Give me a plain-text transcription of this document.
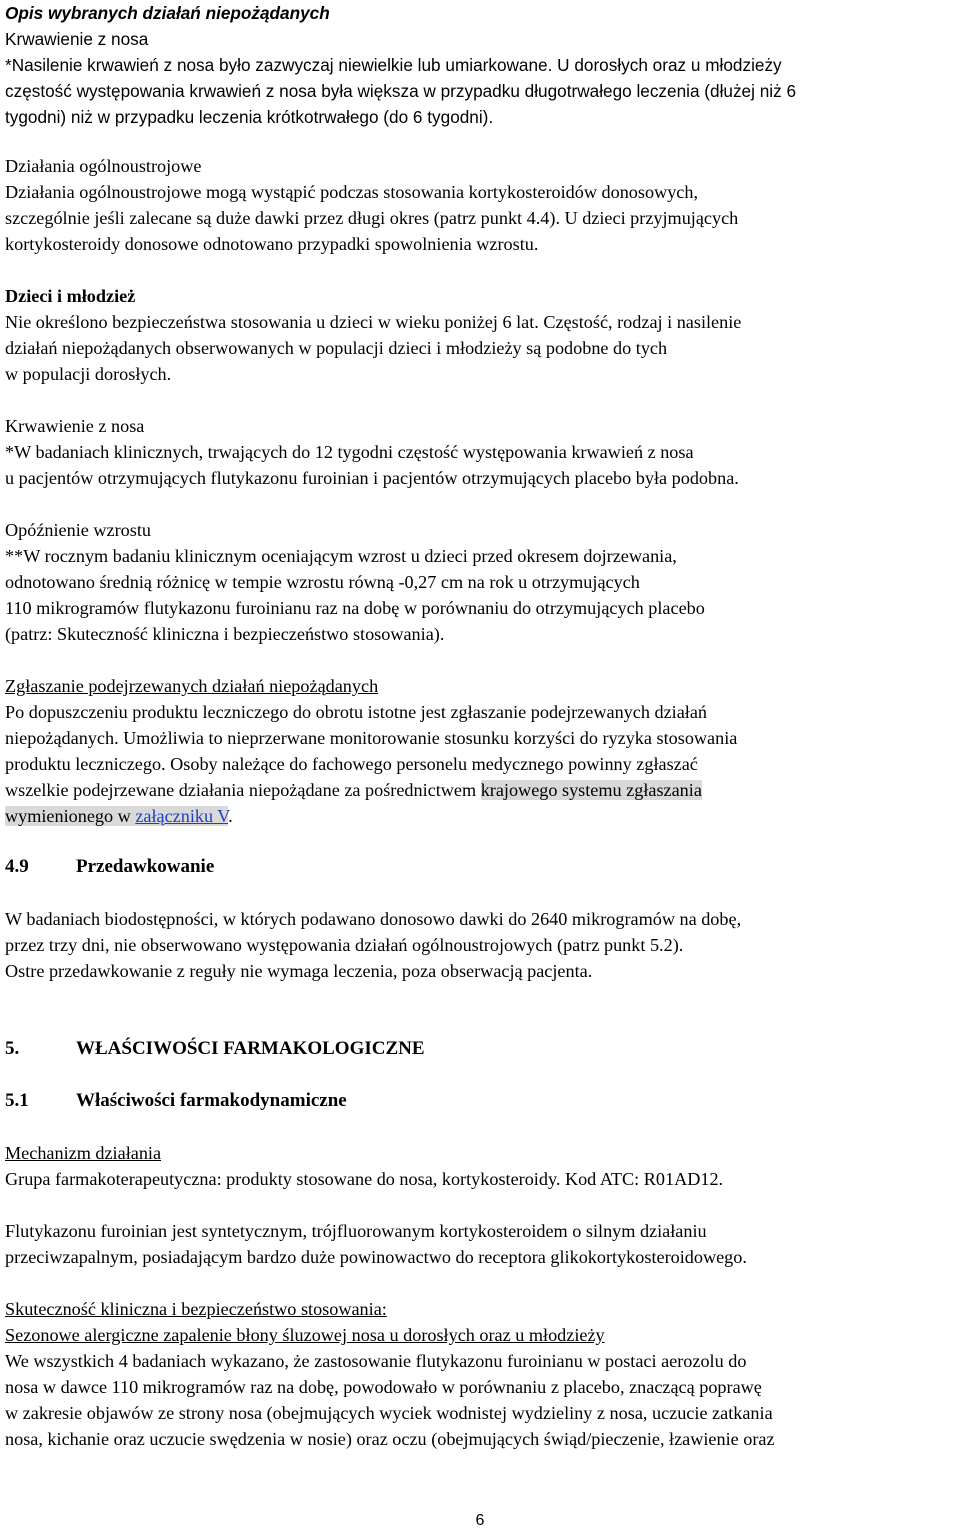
Opis wybranych działań niepożądanych
Krwawienie z nosa
*Nasilenie krwawień z nosa było zazwyczaj niewielkie lub umiarkowane. U dorosłych oraz u młodzieży
częstość występowania krwawień z nosa była większa w przypadku długotrwałego leczenia (dłużej niż 6
tygodni) niż w przypadku leczenia krótkotrwałego (do 6 tygodni).
Działania ogólnoustrojowe
Działania ogólnoustrojowe mogą wystąpić podczas stosowania kortykosteroidów donosowych,
szczególnie jeśli zalecane są duże dawki przez długi okres (patrz punkt 4.4). U dzieci przyjmujących
kortykosteroidy donosowe odnotowano przypadki spowolnienia wzrostu.
Dzieci i młodzież
Nie określono bezpieczeństwa stosowania u dzieci w wieku poniżej 6 lat. Częstość, rodzaj i nasilenie
działań niepożądanych obserwowanych w populacji dzieci i młodzieży są podobne do tych
w populacji dorosłych.
Krwawienie z nosa
*W badaniach klinicznych, trwających do 12 tygodni częstość występowania krwawień z nosa
u pacjentów otrzymujących flutykazonu furoinian i pacjentów otrzymujących placebo była podobna.
Opóźnienie wzrostu
**W rocznym badaniu klinicznym oceniającym wzrost u dzieci przed okresem dojrzewania,
odnotowano średnią różnicę w tempie wzrostu równą -0,27 cm na rok u otrzymujących
110 mikrogramów flutykazonu furoinianu raz na dobę w porównaniu do otrzymujących placebo
(patrz: Skuteczność kliniczna i bezpieczeństwo stosowania).
Zgłaszanie podejrzewanych działań niepożądanych
Po dopuszczeniu produktu leczniczego do obrotu istotne jest zgłaszanie podejrzewanych działań
niepożądanych. Umożliwia to nieprzerwane monitorowanie stosunku korzyści do ryzyka stosowania
produktu leczniczego. Osoby należące do fachowego personelu medycznego powinny zgłaszać
wszelkie podejrzewane działania niepożądane za pośrednictwem krajowego systemu zgłaszania
wymienionego w załączniku V.
4.9 Przedawkowanie
W badaniach biodostępności, w których podawano donosowo dawki do 2640 mikrogramów na dobę,
przez trzy dni, nie obserwowano występowania działań ogólnoustrojowych (patrz punkt 5.2).
Ostre przedawkowanie z reguły nie wymaga leczenia, poza obserwacją pacjenta.
5.	WŁAŚCIWOŚCI FARMAKOLOGICZNE
5.1 Właściwości farmakodynamiczne
Mechanizm działania
Grupa farmakoterapeutyczna: produkty stosowane do nosa, kortykosteroidy. Kod ATC: R01AD12.
Flutykazonu furoinian jest syntetycznym, trójfluorowanym kortykosteroidem o silnym działaniu
przeciwzapalnym, posiadającym bardzo duże powinowactwo do receptora glikokortykosteroidowego.
Skuteczność kliniczna i bezpieczeństwo stosowania:
Sezonowe alergiczne zapalenie błony śluzowej nosa u dorosłych oraz u młodzieży
We wszystkich 4 badaniach wykazano, że zastosowanie flutykazonu furoinianu w postaci aerozolu do
nosa w dawce 110 mikrogramów raz na dobę, powodowało w porównaniu z placebo, znaczącą poprawę
w zakresie objawów ze strony nosa (obejmujących wyciek wodnistej wydzieliny z nosa, uczucie zatkania
nosa, kichanie oraz uczucie swędzenia w nosie) oraz oczu (obejmujących świąd/pieczenie, łzawienie oraz
6
